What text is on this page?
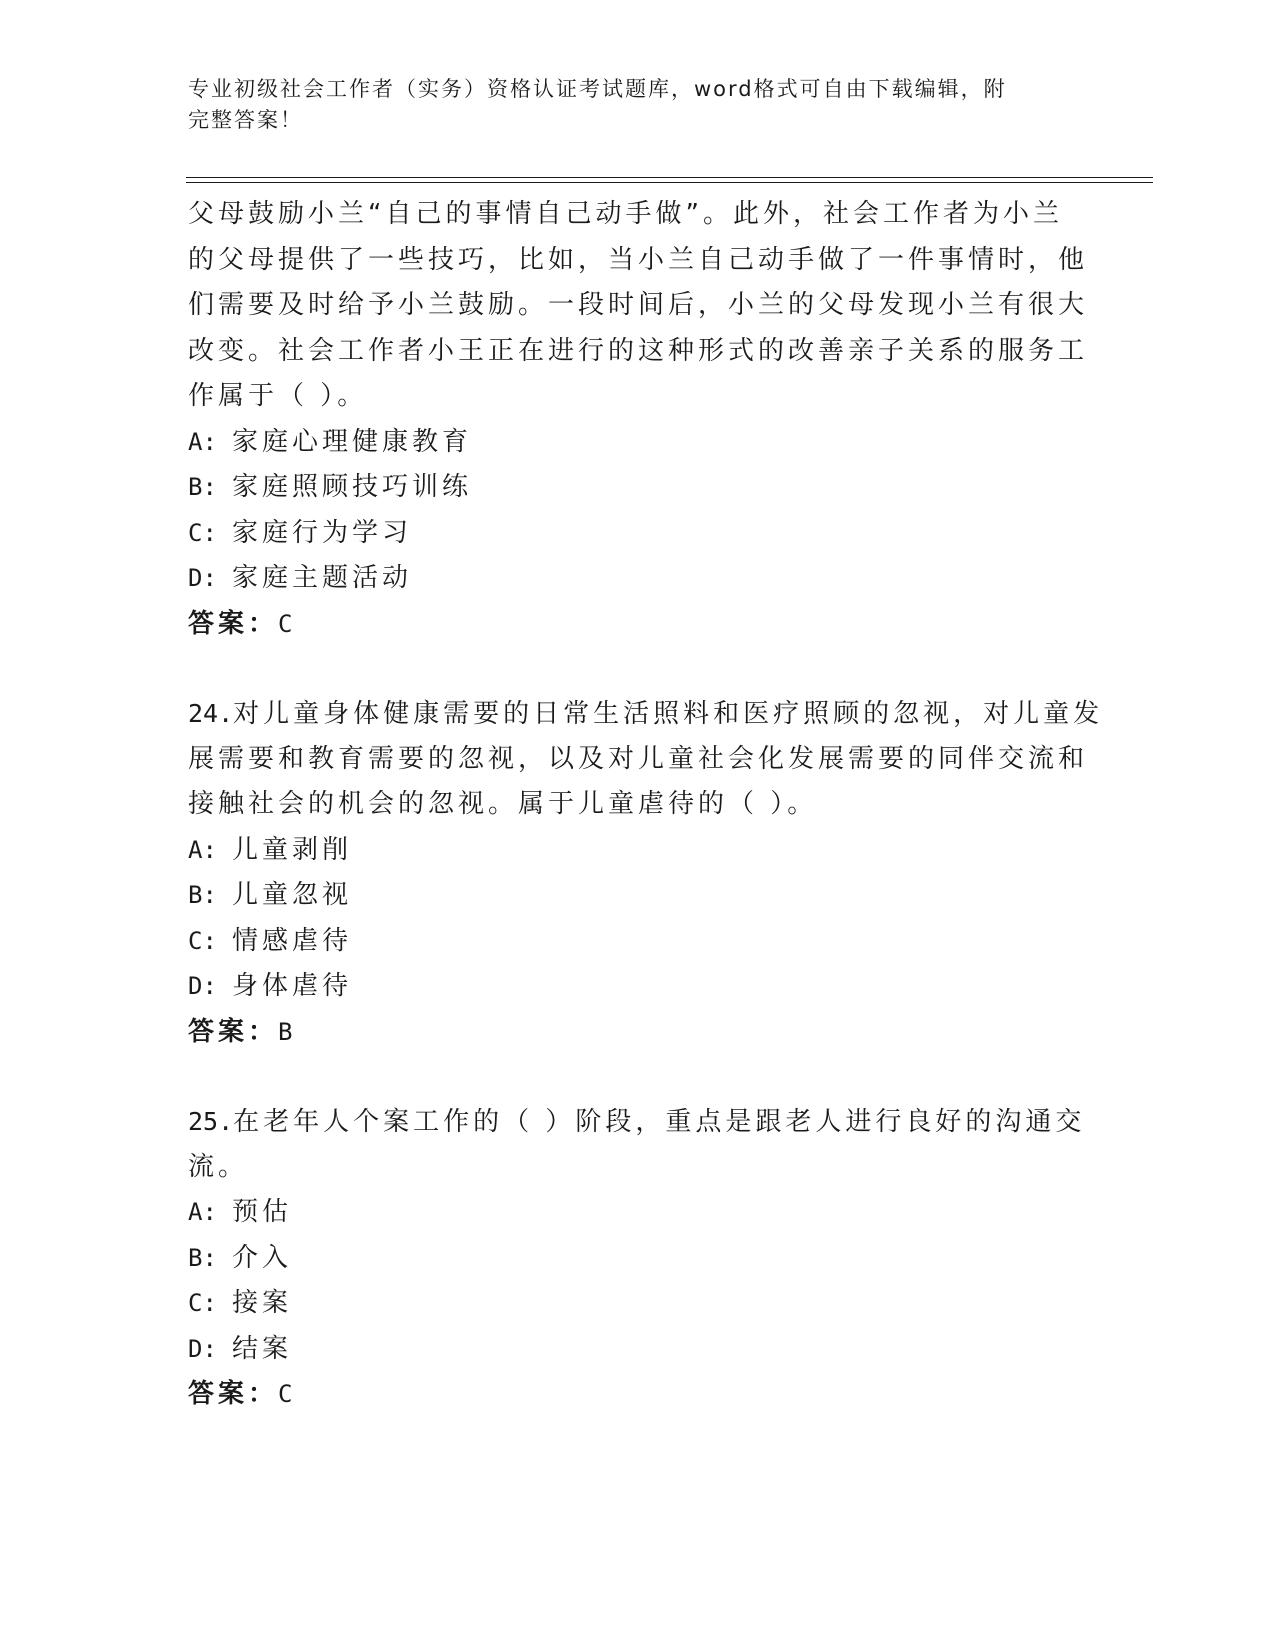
专业初级社会工作者（实务）资格认证考试题库，word格式可自由下载编辑，附
完整答案！
父母鼓励小兰“自己的事情自己动手做”。此外，社会工作者为小兰
的父母提供了一些技巧，比如，当小兰自己动手做了一件事情时，他
们需要及时给予小兰鼓励。一段时间后，小兰的父母发现小兰有很大
改变。社会工作者小王正在进行的这种形式的改善亲子关系的服务工
作属于（ ）。
A: 家庭心理健康教育
B: 家庭照顾技巧训练
C: 家庭行为学习
D: 家庭主题活动
答案：C
24.对儿童身体健康需要的日常生活照料和医疗照顾的忽视，对儿童发
展需要和教育需要的忽视，以及对儿童社会化发展需要的同伴交流和
接触社会的机会的忽视。属于儿童虐待的（ ）。
A: 儿童剥削
B: 儿童忽视
C: 情感虐待
D: 身体虐待
答案：B
25.在老年人个案工作的（ ）阶段，重点是跟老人进行良好的沟通交
流。
A: 预估
B: 介入
C: 接案
D: 结案
答案：C
